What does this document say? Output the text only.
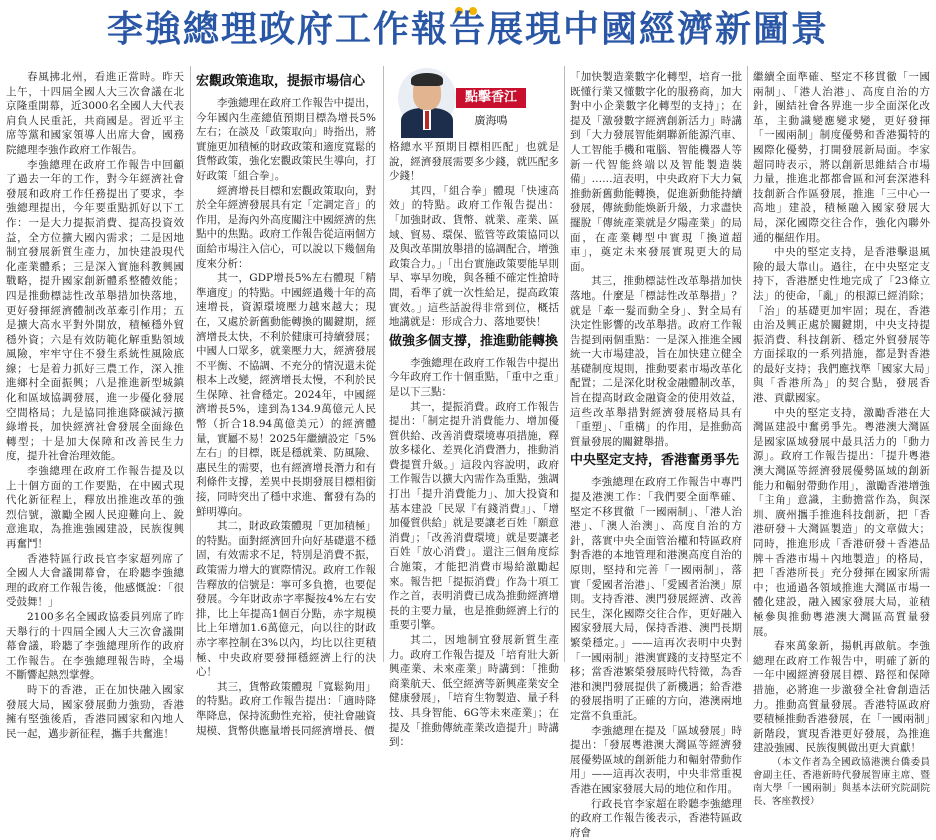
李強總理政府工作報告展現中國經濟新圖景

春風拂北州，看進正當時。昨天上午，十四屆全國人大三次會議在北京隆重開幕，近3000名全國人大代表肩負人民重託，共商國是。習近平主席等黨和國家領導人出席大會，國務院總理李強作政府工作報告。

李強總理在政府工作報告中回顧了過去一年的工作，對今年經濟社會發展和政府工作任務提出了要求，李強總理提出，今年要重點抓好以下工作：一是大力提振消費、提高投資效益，全方位擴大國內需求；二是因地制宜發展新質生產力，加快建設現代化產業體系；三是深入實施科教興國戰略，提升國家創新體系整體效能；四是推動標誌性改革舉措加快落地，更好發揮經濟體制改革牽引作用；五是擴大高水平對外開放，積極穩外貿穩外資；六是有效防範化解重點領域風險，牢牢守住不發生系統性風險底線；七是着力抓好三農工作，深入推進鄉村全面振興；八是推進新型城鎮化和區域協調發展，進一步優化發展空間格局；九是協同推進降碳減污擴綠增長，加快經濟社會發展全面綠色轉型；十是加大保障和改善民生力度，提升社會治理效能。

李強總理在政府工作報告提及以上十個方面的工作要點，在中國式現代化新征程上，釋放出推進改革的強烈信號，激勵全國人民迎難向上、銳意進取，為推進強國建設，民族復興再奮鬥！

香港特區行政長官李家超列席了全國人大會議開幕會，在聆聽李強總理的政府工作報告後，他感慨說：「很受鼓舞！」

2100多名全國政協委員列席了昨天舉行的十四屆全國人大三次會議開幕會議，聆聽了李強總理所作的政府工作報告。在李強總理報告時，全場不斷響起熱烈掌聲。

時下的香港，正在加快融入國家發展大局，國家發展動力強勁，香港擁有堅強後盾，香港同國家和內地人民一起，邁步新征程，攜手共奮進！

宏觀政策進取，提振市場信心

李強總理在政府工作報告中提出，今年國內生產總值預期目標為增長5%左右；在談及「政策取向」時指出，將實施更加積極的財政政策和適度寬鬆的貨幣政策，強化宏觀政策民生導向，打好政策「組合拳」。

經濟增長目標和宏觀政策取向，對於全年經濟發展具有定「定調定音」的作用，是海內外高度關注中國經濟的焦點中的焦點。政府工作報告從這兩個方面給市場注入信心，可以說以下幾個角度來分析：

其一，GDP增長5%左右體現「精準適度」的特點。中國經過幾十年的高速增長，資源環境壓力越來越大；現在，又處於新舊動能轉換的關鍵期，經濟增長太快，不利於健康可持續發展；中國人口眾多，就業壓力大，經濟發展不平衡、不協調、不充分的情況還未從根本上改變，經濟增長太慢，不利於民生保障、社會穩定。2024年，中國經濟增長5%，達到為134.9萬億元人民幣（折合18.94萬億美元）的經濟體量，實屬不易！2025年繼續設定「5%左右」的目標，既是穩就業、防風險、惠民生的需要，也有經濟增長潛力和有利條件支撐，差異中長期發展目標相銜接，同時突出了穩中求進、奮發有為的鮮明導向。

其二，財政政策體現「更加積極」的特點。面對經濟回升向好基礎還不穩固，有效需求不足，特別是消費不振，政策需力增大的實際情況。政府工作報告釋放的信號是：寧可多負擔，也要促發展。今年財政赤字率擬按4%左右安排，比上年提高1個百分點，赤字規模比上年增加1.6萬億元，向以往的財政赤字率控制在3%以內，均比以往更積極、中央政府要發揮穩經濟上行的決心！

其三，貨幣政策體現「寬鬆夠用」的特點。政府工作報告提出：「適時降準降息，保持流動性充裕，使社會融資規模、貨幣供應量增長同經濟增長、價

點擊香江
廣海鳴

格總水平預期目標相匹配」也就是說，經濟發展需要多少錢，就匹配多少錢！

其四，「組合拳」體現「快速高效」的特點。政府工作報告提出：「加強財政、貨幣、就業、產業、區域、貿易、環保、監管等政策協同以及與改革開放舉措的協調配合，增強政策合力。」「出台實施政策要能早則早、寧早勿晚，與各種不確定性搶時間，看準了就一次性給足，提高政策實效。」這些話說得非常到位，概括地講就是：形成合力、落地要快！

做強多個支撐，推進動能轉換

李強總理在政府工作報告中提出今年政府工作十個重點，「重中之重」是以下三點：

其一，提振消費。政府工作報告提出：「制定提升消費能力、增加優質供給、改善消費環境專項措施，釋放多樣化、差異化消費潛力，推動消費提質升級。」這段內容說明，政府工作報告以擴大內需作為重點，強調打出「提升消費能力」、加大投資和基本建設「民眾『有錢消費』」、「增加優質供給」就是要讓老百姓「願意消費」；「改善消費環境」就是要讓老百姓「放心消費」。還注三個角度綜合施策，才能把消費市場給激勵起來。報告把「提振消費」作為十項工作之首，表明消費已成為推動經濟增長的主要力量，也是推動經濟上行的重要引擎。

其二，因地制宜發展新質生產力。政府工作報告提及「培育壯大新興產業、未來產業」時講到：「推動商業航天、低空經濟等新興產業安全健康發展」，「培育生物製造、量子科技、具身智能、6G等未來產業」；在提及「推動傳統產業改造提升」時講到：

「加快製造業數字化轉型，培育一批既懂行業又懂數字化的服務商，加大對中小企業數字化轉型的支持」；在提及「激發數字經濟創新活力」時講到「大力發展智能網聯新能源汽車、人工智能手機和電腦、智能機器人等新一代智能終端以及智能製造裝備」……這表明，中央政府下大力氣推動新舊動能轉換，促進新動能持續發展，傳統動能煥新升級，力求盡快擺脫「傳統產業就是夕陽產業」的局面，在產業轉型中實現「換道超車」，奠定未來發展實現更大的局面。

其三，推動標誌性改革舉措加快落地。什麼是「標誌性改革舉措」？就是「牽一髮而動全身」、對全局有決定性影響的改革舉措。政府工作報告提到兩個重點：一是深入推進全國統一大市場建設，旨在加快建立健全基礎制度規則，推動要素市場改革化配置；二是深化財稅金融體制改革，旨在提高財政金融資金的使用效益，這些改革舉措對經濟發展格局具有「重塑」、「重構」的作用，是推動高質量發展的關鍵舉措。

中央堅定支持，香港奮勇爭先

李強總理在政府工作報告中專門提及港澳工作：「我們要全面準確、堅定不移貫徹「一國兩制」、「港人治港」、「澳人治澳」、高度自治的方針，落實中央全面管治權和特區政府對香港的本地管理和港澳高度自治的原則，堅持和完善「一國兩制」，落實「愛國者治港」、「愛國者治澳」原則。支持香港、澳門發展經濟、改善民生，深化國際交往合作，更好融入國家發展大局，保持香港、澳門長期繁榮穩定。」——這再次表明中央對「一國兩制」港澳實踐的支持堅定不移；當香港繁榮發展時代特徵，為香港和澳門發展提供了新機遇；給香港的發展指明了正確的方向，港澳兩地定當不負重託。

李強總理在提及「區域發展」時提出：「發展粵港澳大灣區等經濟發展優勢區域的創新能力和輻射帶動作用」——這再次表明，中央非常重視香港在國家發展大局的地位和作用。

行政長官李家超在聆聽李強總理的政府工作報告後表示，香港特區政府會

繼續全面準確、堅定不移貫徹「一國兩制」、「港人治港」、高度自治的方針，團結社會各界進一步全面深化改革，主動識變應變求變，更好發揮「一國兩制」制度優勢和香港獨特的國際化優勢，打開發展新局面。李家超同時表示，將以創新思維結合市場力量，推進北都都會區和河套深港科技創新合作區發展，推進「三中心一高地」建設，積極融入國家發展大局，深化國際交往合作，強化內聯外通的樞紐作用。

中央的堅定支持，是香港擊退風險的最大靠山。過往，在中央堅定支持下，香港歷史性地完成了「23條立法」的使命，「亂」的根源已經消除；「治」的基礎更加牢固；現在，香港由治及興正處於關鍵期，中央支持提振消費、科技創新、穩定外貿發展等方面採取的一系列措施，都是對香港的最好支持；我們應找準「國家大局」與「香港所為」的契合點，發展香港、貢獻國家。

中央的堅定支持，激勵香港在大灣區建設中奮勇爭先。粵港澳大灣區是國家區域發展中最具活力的「動力源」。政府工作報告提出：「提升粵港澳大灣區等經濟發展優勢區域的創新能力和輻射帶動作用」，激勵香港增強「主角」意識，主動擔當作為，與深圳、廣州攜手推進科技創新，把「香港研發＋大灣區製造」的文章做大；同時，推進形成「香港研發＋香港品牌＋香港市場＋內地製造」的格局，把「香港所長」充分發揮在國家所需中；也通過各領域推進大灣區市場一體化建設，融入國家發展大局，並積極參與推動粵港澳大灣區高質量發展。

春來萬象新，揚帆再啟航。李強總理在政府工作報告中，明確了新的一年中國經濟發展目標、路徑和保障措施，必將進一步激發全社會創造活力。推動高質量發展。香港特區政府要積極推動香港發展，在「一國兩制」新階段，實現香港更好發展，為推進建設強國、民族復興做出更大貢獻！

（本文作者為全國政協港澳台僑委員會副主任、香港新時代發展智庫主席、暨南大學「一國兩制」與基本法研究院副院長、客座教授）
